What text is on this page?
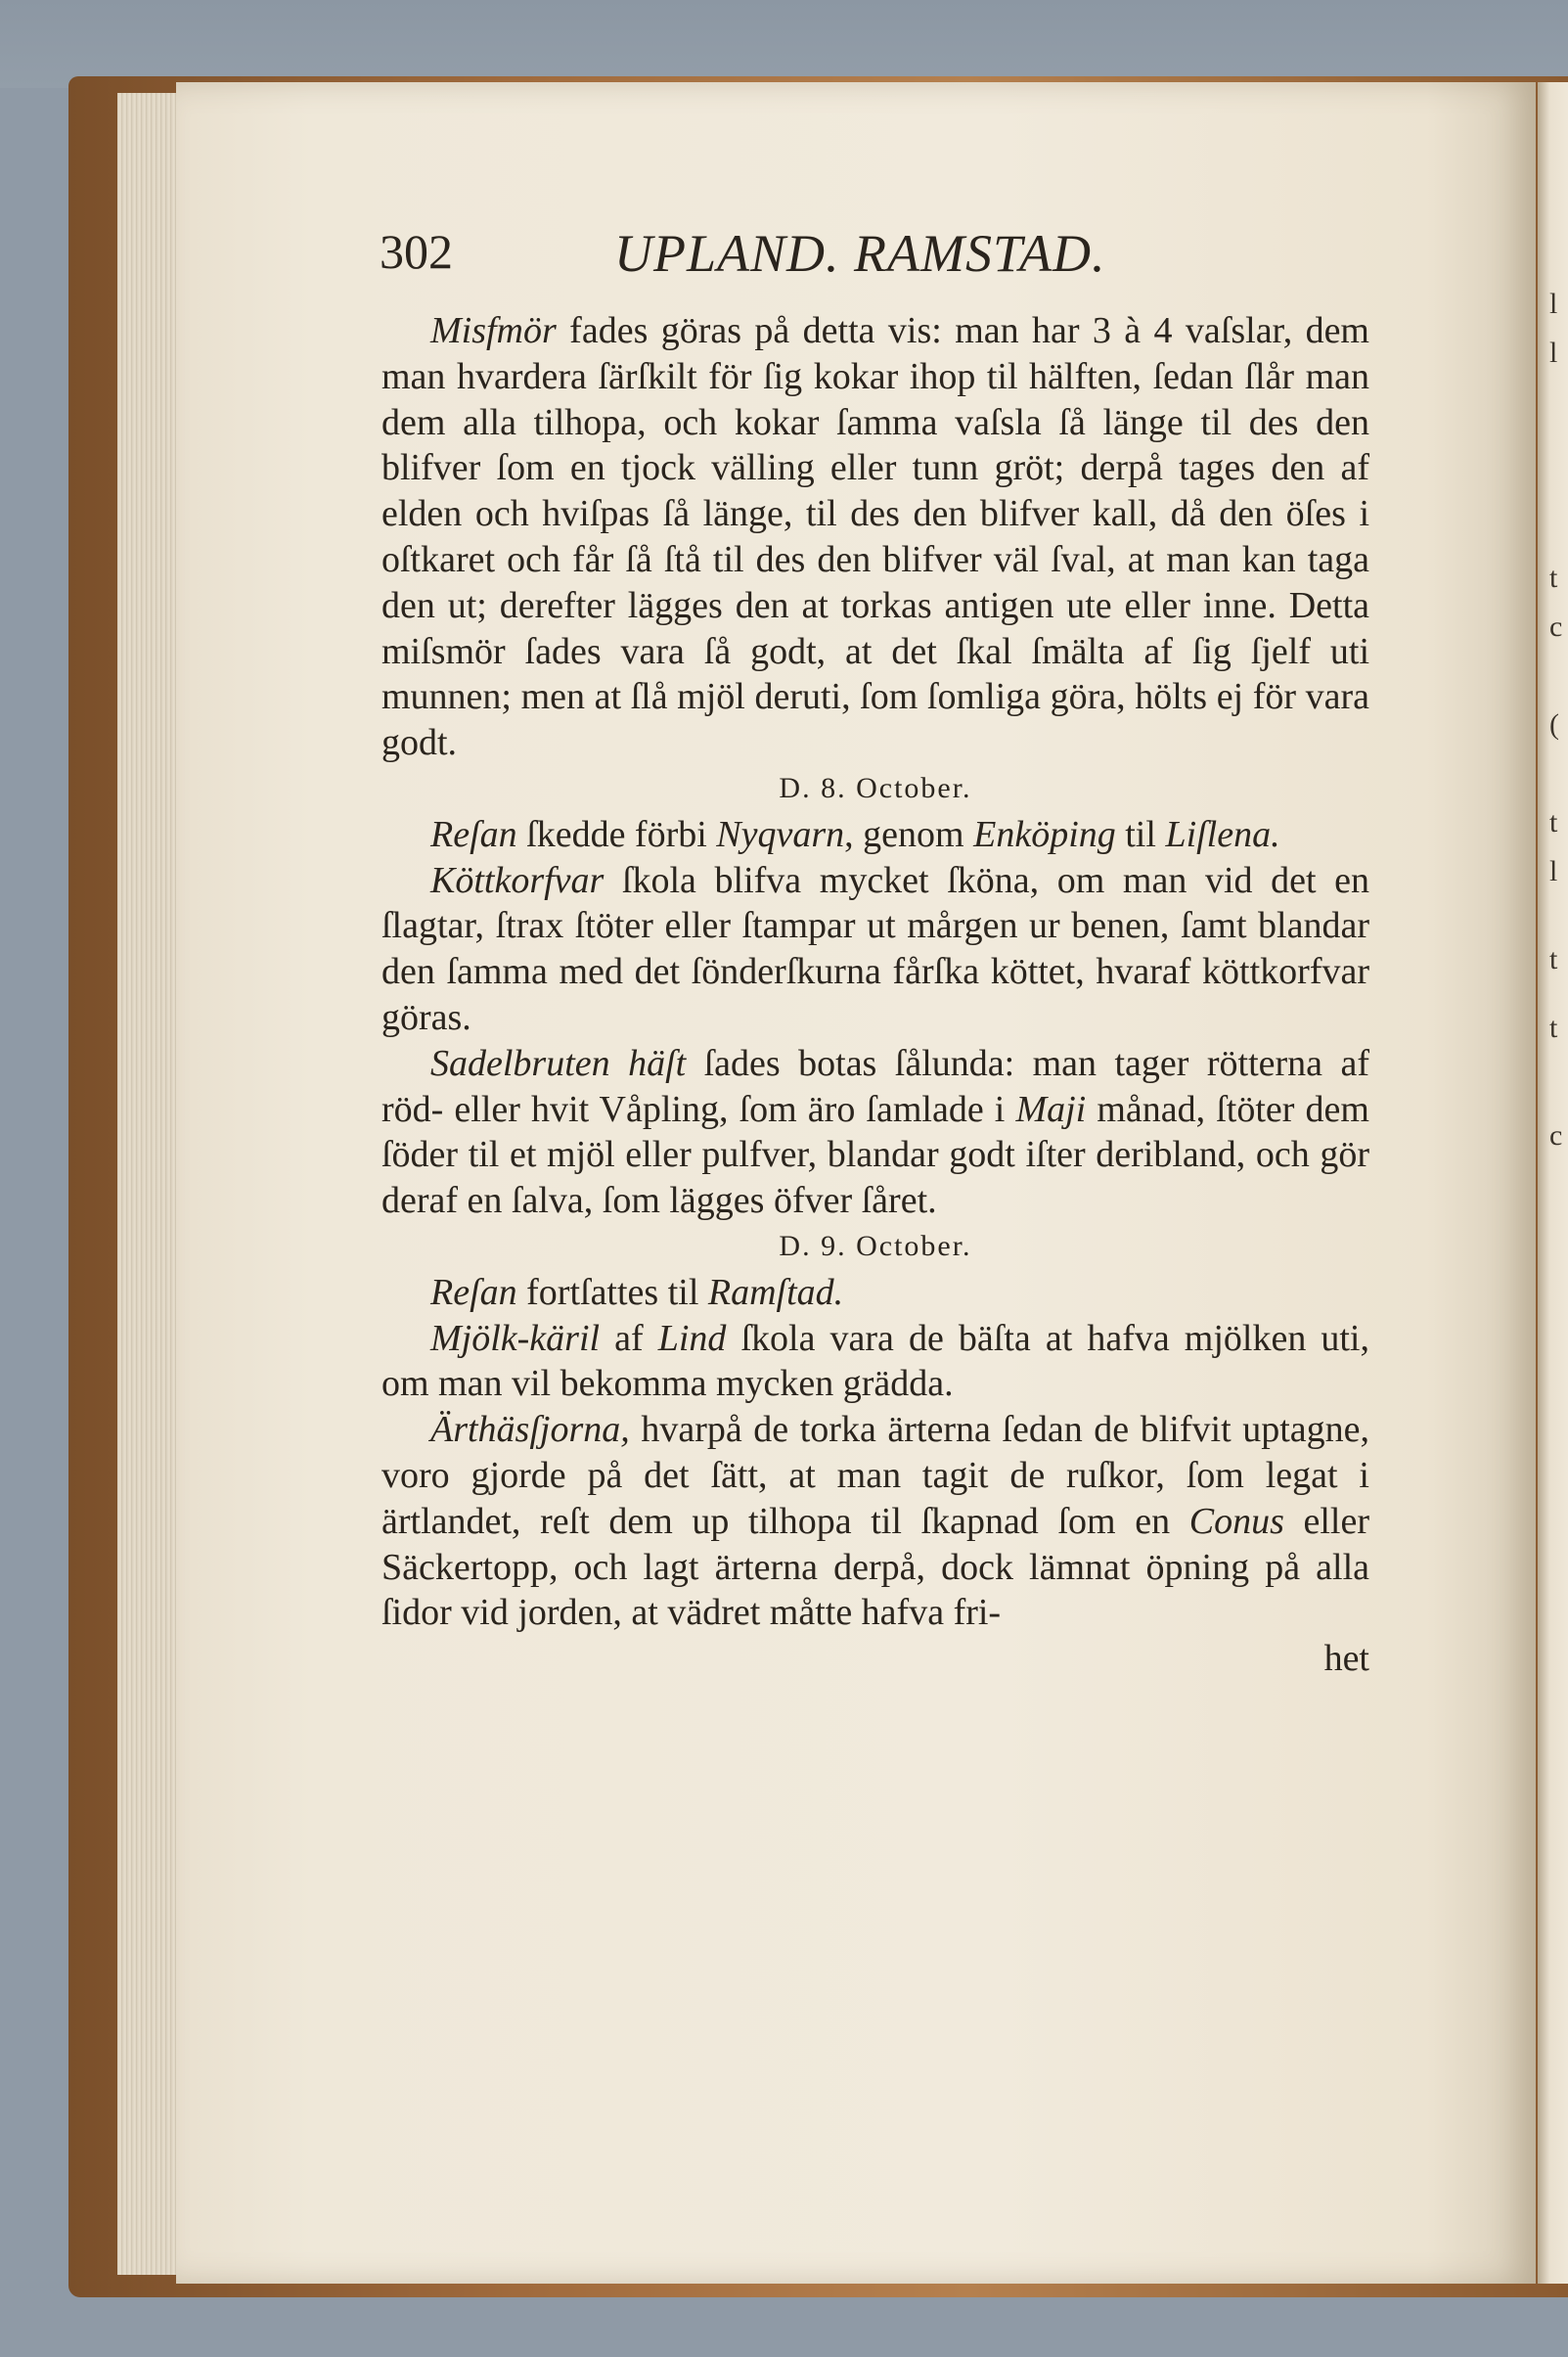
l
l
t
c
(
t
l
t
t
c
302	UPLAND. RAMSTAD.

Misfmör fades göras på detta vis: man har 3 à 4 vaſslar, dem man hvardera ſärſkilt för ſig kokar ihop til hälften, ſedan ſlår man dem alla tilhopa, och kokar ſamma vaſsla ſå länge til des den blifver ſom en tjock välling eller tunn gröt; derpå tages den af elden och hviſpas ſå länge, til des den blifver kall, då den öſes i oſtkaret och får ſå ſtå til des den blifver väl ſval, at man kan taga den ut; derefter lägges den at torkas antigen ute eller inne. Detta miſsmör ſades vara ſå godt, at det ſkal ſmälta af ſig ſjelf uti munnen; men at ſlå mjöl deruti, ſom ſomliga göra, hölts ej för vara godt.

D. 8. October.

Reſan ſkedde förbi Nyqvarn, genom Enköping til Liſlena.

Köttkorfvar ſkola blifva mycket ſköna, om man vid det en ſlagtar, ſtrax ſtöter eller ſtampar ut mårgen ur benen, ſamt blandar den ſamma med det ſönderſkurna fårſka köttet, hvaraf köttkorfvar göras.

Sadelbruten häſt ſades botas ſålunda: man tager rötterna af röd- eller hvit Våpling, ſom äro ſamlade i Maji månad, ſtöter dem ſöder til et mjöl eller pulfver, blandar godt iſter deribland, och gör deraf en ſalva, ſom lägges öfver ſåret.

D. 9. October.

Reſan fortſattes til Ramſtad.

Mjölk-käril af Lind ſkola vara de bäſta at hafva mjölken uti, om man vil bekomma mycken grädda.

Ärthäsſjorna, hvarpå de torka ärterna ſedan de blifvit uptagne, voro gjorde på det ſätt, at man tagit de ruſkor, ſom legat i ärtlandet, reſt dem up tilhopa til ſkapnad ſom en Conus eller Säckertopp, och lagt ärterna derpå, dock lämnat öpning på alla ſidor vid jorden, at vädret måtte hafva fri-

het
